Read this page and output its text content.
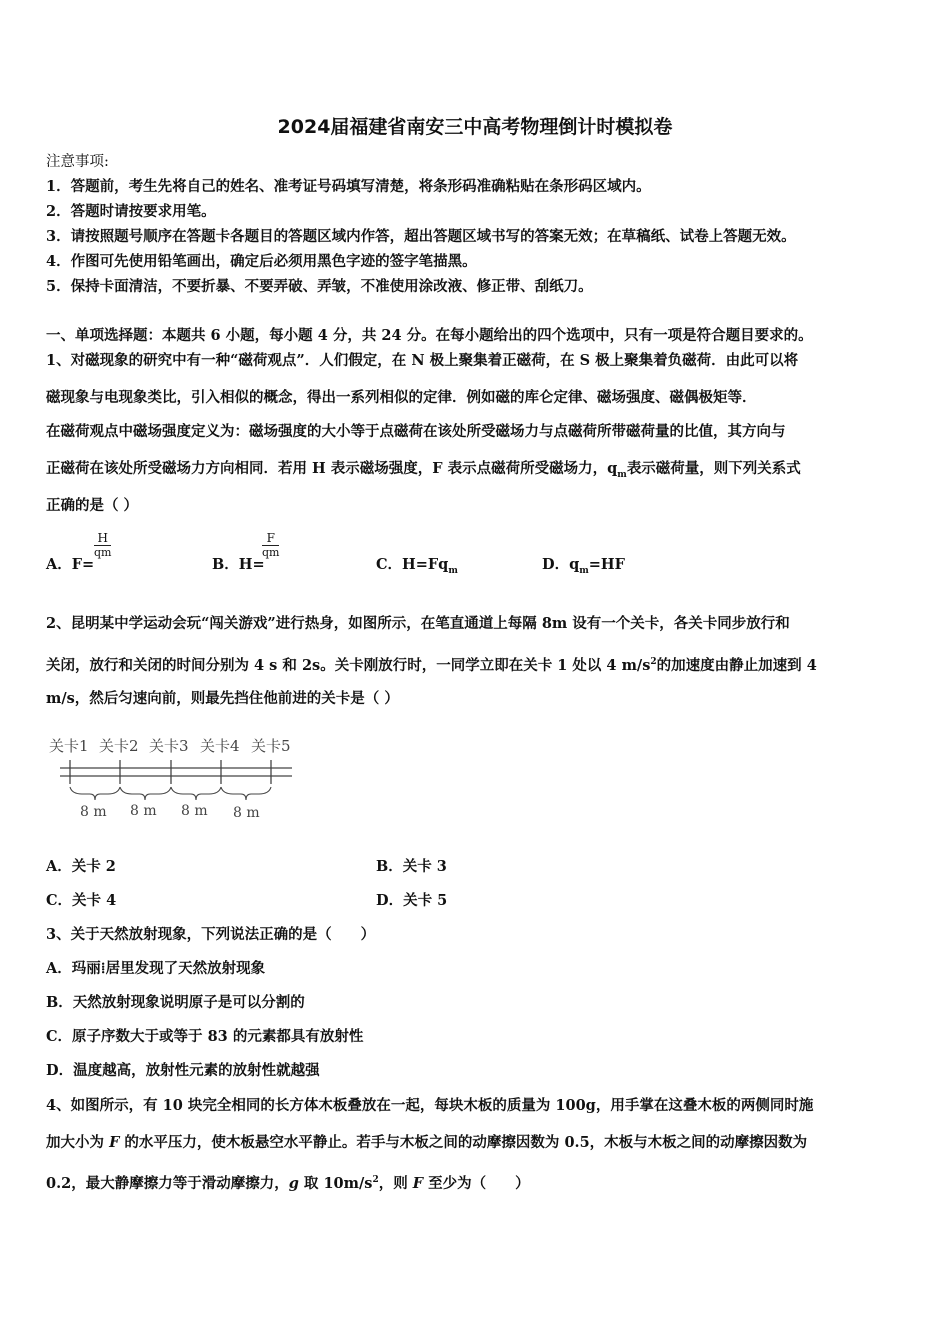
2024届福建省南安三中高考物理倒计时模拟卷
注意事项:
1．答题前，考生先将自己的姓名、准考证号码填写清楚，将条形码准确粘贴在条形码区域内。
2．答题时请按要求用笔。
3．请按照题号顺序在答题卡各题目的答题区域内作答，超出答题区域书写的答案无效；在草稿纸、试卷上答题无效。
4．作图可先使用铅笔画出，确定后必须用黑色字迹的签字笔描黑。
5．保持卡面清洁，不要折暴、不要弄破、弄皱，不准使用涂改液、修正带、刮纸刀。
一、单项选择题：本题共 6 小题，每小题 4 分，共 24 分。在每小题给出的四个选项中，只有一项是符合题目要求的。
1、对磁现象的研究中有一种“磁荷观点”．人们假定，在 N 极上聚集着正磁荷，在 S 极上聚集着负磁荷．由此可以将
磁现象与电现象类比，引入相似的概念，得出一系列相似的定律．例如磁的库仑定律、磁场强度、磁偶极矩等．
在磁荷观点中磁场强度定义为：磁场强度的大小等于点磁荷在该处所受磁场力与点磁荷所带磁荷量的比值，其方向与
正磁荷在该处所受磁场力方向相同．若用 H 表示磁场强度，F 表示点磁荷所受磁场力，$q_m$表示磁荷量，则下列关系式
正确的是（ ）
A．F=
$\frac{H}{qm}$
B．H=
$\frac{F}{qm}$
C．$H=Fq_m$	D．$q_m=HF$
2、昆明某中学运动会玩“闯关游戏”进行热身，如图所示，在笔直通道上每隔 8m 设有一个关卡，各关卡同步放行和
关闭，放行和关闭的时间分别为 4 s 和 2s。关卡刚放行时，一同学立即在关卡 1 处以 4 $m/s^2$的加速度由静止加速到 4
m/s，然后匀速向前，则最先挡住他前进的关卡是（ ）
关卡1 关卡2 关卡3 关卡4 关卡5
8 m 8 m 8 m 8 m
A．关卡 2	B．关卡 3
C．关卡 4	D．关卡 5
3、关于天然放射现象，下列说法正确的是（　　）
A．玛丽⁞居里发现了天然放射现象
B．天然放射现象说明原子是可以分割的
C．原子序数大于或等于 83 的元素都具有放射性
D．温度越高，放射性元素的放射性就越强
4、如图所示，有 10 块完全相同的长方体木板叠放在一起，每块木板的质量为 100g，用手掌在这叠木板的两侧同时施
加大小为 F 的水平压力，使木板悬空水平静止。若手与木板之间的动摩擦因数为 0.5，木板与木板之间的动摩擦因数为
0.2，最大静摩擦力等于滑动摩擦力，g 取 $10m/s^2$，则 F 至少为（　　）
